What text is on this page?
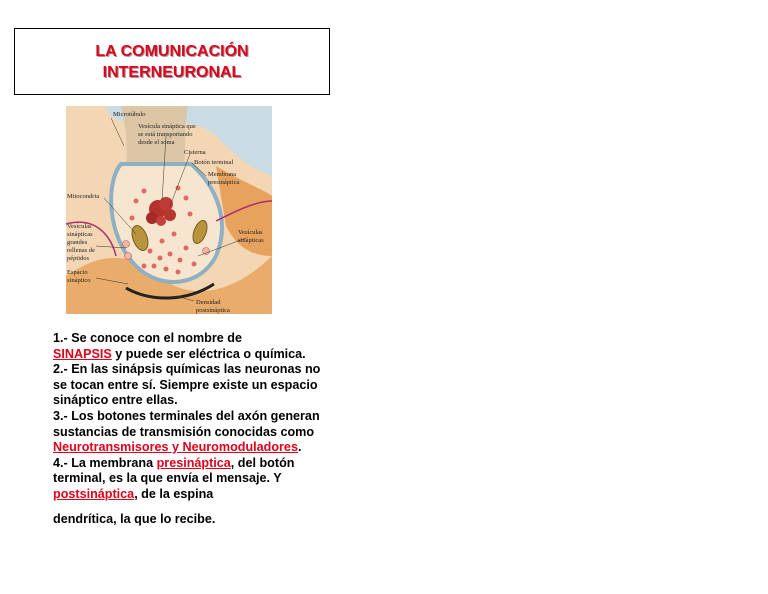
LA COMUNICACIÓN
INTERNEURONAL
Microtúbulo
Vesícula sináptica que
se está transportando
desde el soma
Cisterna
Botón terminal
Membrana
presináptica
Mitocondria
Vesículas
sinápticas
Vesículas
sinápticas
grandes
rellenas de
péptidos
Espacio
sináptico
Densidad
postsináptica

1.- Se conoce con el nombre de
SINAPSIS y puede ser eléctrica o química.

2.- En las sinápsis químicas las neuronas no se tocan entre sí. Siempre existe un espacio sináptico entre ellas.

3.- Los botones terminales del axón generan sustancias de transmisión conocidas como Neurotransmisores y Neuromoduladores.

4.- La membrana presináptica, del botón terminal, es la que envía el mensaje. Y postsináptica, de la espina
dendrítica, la que lo recibe.
